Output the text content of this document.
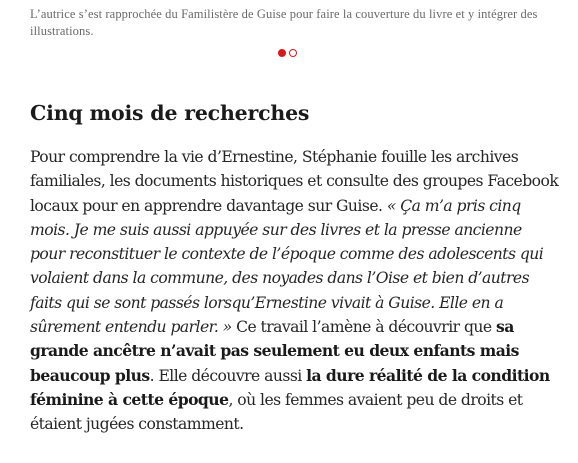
L’autrice s’est rapprochée du Familistère de Guise pour faire la couverture du livre et y intégrer des illustrations.
Cinq mois de recherches

Pour comprendre la vie d’Ernestine, Stéphanie fouille les archives familiales, les documents historiques et consulte des groupes Facebook locaux pour en apprendre davantage sur Guise. « Ça m’a pris cinq mois. Je me suis aussi appuyée sur des livres et la presse ancienne pour reconstituer le contexte de l’époque comme des adolescents qui volaient dans la commune, des noyades dans l’Oise et bien d’autres faits qui se sont passés lorsqu’Ernestine vivait à Guise. Elle en a sûrement entendu parler. » Ce travail l’amène à découvrir que sa grande ancêtre n’avait pas seulement eu deux enfants mais beaucoup plus. Elle découvre aussi la dure réalité de la condition féminine à cette époque, où les femmes avaient peu de droits et étaient jugées constamment.
